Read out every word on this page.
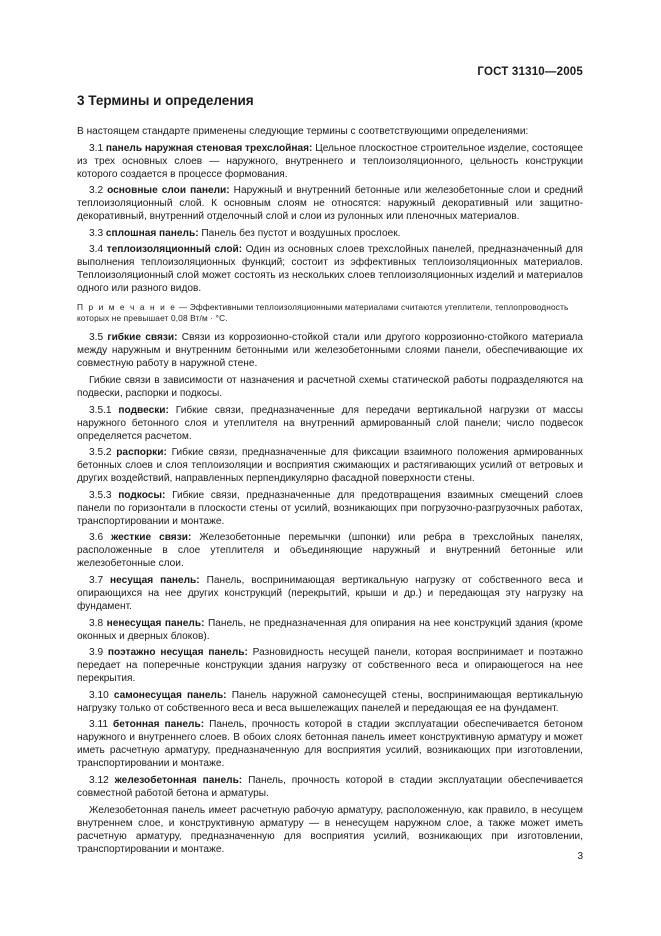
ГОСТ 31310—2005
3 Термины и определения

В настоящем стандарте применены следующие термины с соответствующими определениями:

3.1 панель наружная стеновая трехслойная: Цельное плоскостное строительное изделие, состоящее из трех основных слоев — наружного, внутреннего и теплоизоляционного, цельность конструкции которого создается в процессе формования.

3.2 основные слои панели: Наружный и внутренний бетонные или железобетонные слои и средний теплоизоляционный слой. К основным слоям не относятся: наружный декоративный или защитно-декоративный, внутренний отделочный слой и слои из рулонных или пленочных материалов.

3.3 сплошная панель: Панель без пустот и воздушных прослоек.

3.4 теплоизоляционный слой: Один из основных слоев трехслойных панелей, предназначенный для выполнения теплоизоляционных функций; состоит из эффективных теплоизоляционных материалов. Теплоизоляционный слой может состоять из нескольких слоев теплоизоляционных изделий и материалов одного или разного видов.

П р и м е ч а н и е — Эффективными теплоизоляционными материалами считаются утеплители, теплопроводность которых не превышает 0,08 Вт/м · °С.

3.5 гибкие связи: Связи из коррозионно-стойкой стали или другого коррозионно-стойкого материала между наружным и внутренним бетонными или железобетонными слоями панели, обеспечивающие их совместную работу в наружной стене.

Гибкие связи в зависимости от назначения и расчетной схемы статической работы подразделяются на подвески, распорки и подкосы.

3.5.1 подвески: Гибкие связи, предназначенные для передачи вертикальной нагрузки от массы наружного бетонного слоя и утеплителя на внутренний армированный слой панели; число подвесок определяется расчетом.

3.5.2 распорки: Гибкие связи, предназначенные для фиксации взаимного положения армированных бетонных слоев и слоя теплоизоляции и восприятия сжимающих и растягивающих усилий от ветровых и других воздействий, направленных перпендикулярно фасадной поверхности стены.

3.5.3 подкосы: Гибкие связи, предназначенные для предотвращения взаимных смещений слоев панели по горизонтали в плоскости стены от усилий, возникающих при погрузочно-разгрузочных работах, транспортировании и монтаже.

3.6 жесткие связи: Железобетонные перемычки (шпонки) или ребра в трехслойных панелях, расположенные в слое утеплителя и объединяющие наружный и внутренний бетонные или железобетонные слои.

3.7 несущая панель: Панель, воспринимающая вертикальную нагрузку от собственного веса и опирающихся на нее других конструкций (перекрытий, крыши и др.) и передающая эту нагрузку на фундамент.

3.8 ненесущая панель: Панель, не предназначенная для опирания на нее конструкций здания (кроме оконных и дверных блоков).

3.9 поэтажно несущая панель: Разновидность несущей панели, которая воспринимает и поэтажно передает на поперечные конструкции здания нагрузку от собственного веса и опирающегося на нее перекрытия.

3.10 самонесущая панель: Панель наружной самонесущей стены, воспринимающая вертикальную нагрузку только от собственного веса и веса вышележащих панелей и передающая ее на фундамент.

3.11 бетонная панель: Панель, прочность которой в стадии эксплуатации обеспечивается бетоном наружного и внутреннего слоев. В обоих слоях бетонная панель имеет конструктивную арматуру и может иметь расчетную арматуру, предназначенную для восприятия усилий, возникающих при изготовлении, транспортировании и монтаже.

3.12 железобетонная панель: Панель, прочность которой в стадии эксплуатации обеспечивается совместной работой бетона и арматуры.

Железобетонная панель имеет расчетную рабочую арматуру, расположенную, как правило, в несущем внутреннем слое, и конструктивную арматуру — в ненесущем наружном слое, а также может иметь расчетную арматуру, предназначенную для восприятия усилий, возникающих при изготовлении, транспортировании и монтаже.

3
